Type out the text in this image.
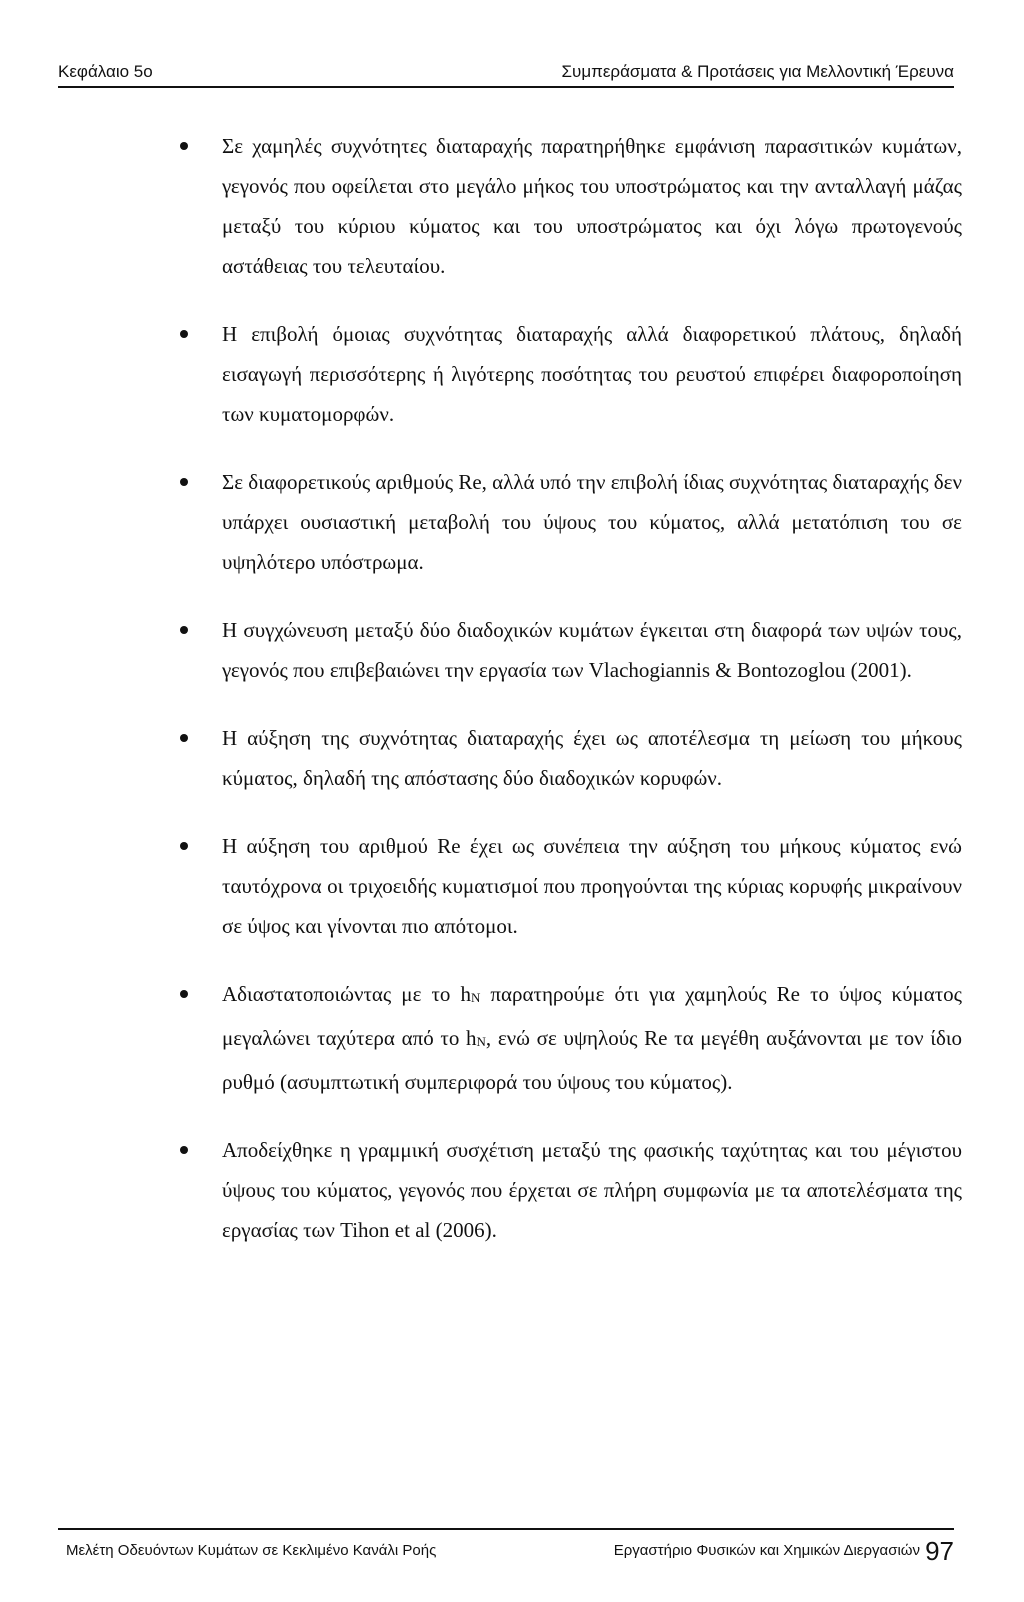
Κεφάλαιο 5ο	Συμπεράσματα & Προτάσεις για Μελλοντική Έρευνα
Σε χαμηλές συχνότητες διαταραχής παρατηρήθηκε εμφάνιση παρασιτικών κυμάτων, γεγονός που οφείλεται στο μεγάλο μήκος του υποστρώματος και την ανταλλαγή μάζας μεταξύ του κύριου κύματος και του υποστρώματος και όχι λόγω πρωτογενούς αστάθειας του τελευταίου.
Η επιβολή όμοιας συχνότητας διαταραχής αλλά διαφορετικού πλάτους, δηλαδή εισαγωγή περισσότερης ή λιγότερης ποσότητας του ρευστού επιφέρει διαφοροποίηση των κυματομορφών.
Σε διαφορετικούς αριθμούς Re, αλλά υπό την επιβολή ίδιας συχνότητας διαταραχής δεν υπάρχει ουσιαστική μεταβολή του ύψους του κύματος, αλλά μετατόπιση του σε υψηλότερο υπόστρωμα.
Η συγχώνευση μεταξύ δύο διαδοχικών κυμάτων έγκειται στη διαφορά των υψών τους, γεγονός που επιβεβαιώνει την εργασία των Vlachogiannis & Bontozoglou (2001).
Η αύξηση της συχνότητας διαταραχής έχει ως αποτέλεσμα τη μείωση του μήκους κύματος, δηλαδή της απόστασης δύο διαδοχικών κορυφών.
Η αύξηση του αριθμού Re έχει ως συνέπεια την αύξηση του μήκους κύματος ενώ ταυτόχρονα οι τριχοειδής κυματισμοί που προηγούνται της κύριας κορυφής μικραίνουν σε ύψος και γίνονται πιο απότομοι.
Αδιαστατοποιώντας με το $h_N$ παρατηρούμε ότι για χαμηλούς Re το ύψος κύματος μεγαλώνει ταχύτερα από το $h_N$, ενώ σε υψηλούς Re τα μεγέθη αυξάνονται με τον ίδιο ρυθμό (ασυμπτωτική συμπεριφορά του ύψους του κύματος).
Αποδείχθηκε η γραμμική συσχέτιση μεταξύ της φασικής ταχύτητας και του μέγιστου ύψους του κύματος, γεγονός που έρχεται σε πλήρη συμφωνία με τα αποτελέσματα της εργασίας των Tihon et al (2006).
Μελέτη Οδευόντων Κυμάτων σε Κεκλιμένο Κανάλι Ροής	Εργαστήριο Φυσικών και Χημικών Διεργασιών 97
